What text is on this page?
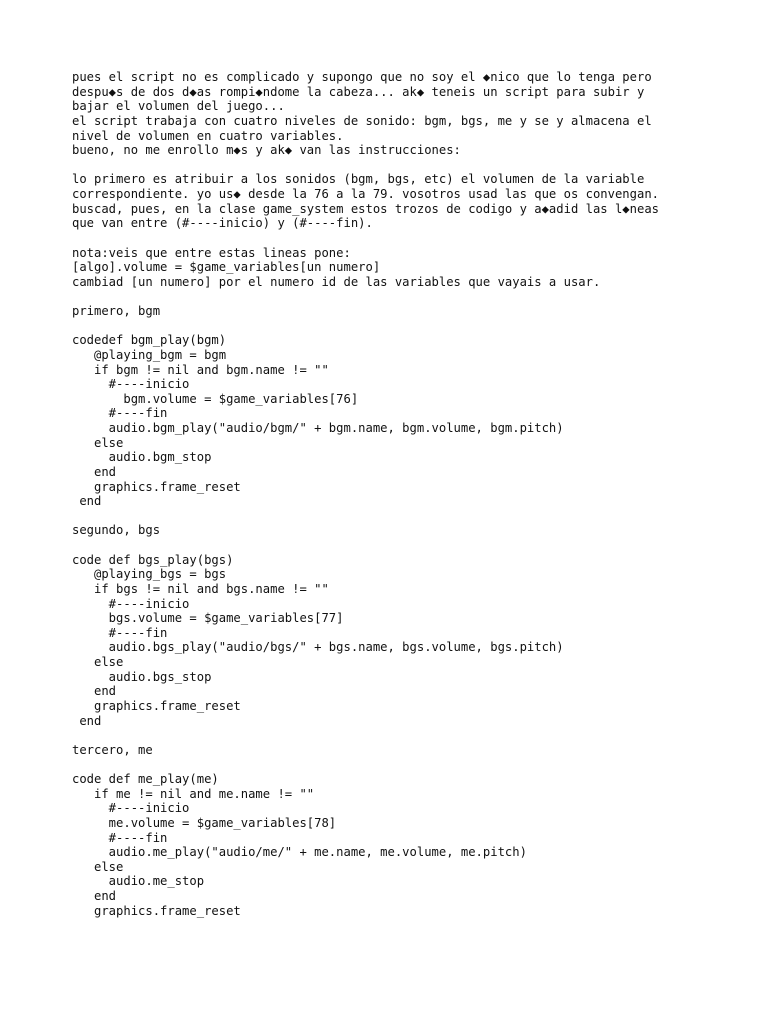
pues el script no es complicado y supongo que no soy el ◆nico que lo tenga pero
despu◆s de dos d◆as rompi◆ndome la cabeza... ak◆ teneis un script para subir y
bajar el volumen del juego...
el script trabaja con cuatro niveles de sonido: bgm, bgs, me y se y almacena el
nivel de volumen en cuatro variables.
bueno, no me enrollo m◆s y ak◆ van las instrucciones:
lo primero es atribuir a los sonidos (bgm, bgs, etc) el volumen de la variable
correspondiente. yo us◆ desde la 76 a la 79. vosotros usad las que os convengan.
buscad, pues, en la clase game_system estos trozos de codigo y a◆adid las l◆neas
que van entre (#----inicio) y (#----fin).
nota:veis que entre estas lineas pone:
[algo].volume = $game_variables[un numero]
cambiad [un numero] por el numero id de las variables que vayais a usar.
primero, bgm
codedef bgm_play(bgm)
@playing_bgm = bgm
if bgm != nil and bgm.name != ""
#----inicio
bgm.volume = $game_variables[76]
#----fin
audio.bgm_play("audio/bgm/" + bgm.name, bgm.volume, bgm.pitch)
else
audio.bgm_stop
end
graphics.frame_reset
end
segundo, bgs
code def bgs_play(bgs)
@playing_bgs = bgs
if bgs != nil and bgs.name != ""
#----inicio
bgs.volume = $game_variables[77]
#----fin
audio.bgs_play("audio/bgs/" + bgs.name, bgs.volume, bgs.pitch)
else
audio.bgs_stop
end
graphics.frame_reset
end
tercero, me
code def me_play(me)
if me != nil and me.name != ""
#----inicio
me.volume = $game_variables[78]
#----fin
audio.me_play("audio/me/" + me.name, me.volume, me.pitch)
else
audio.me_stop
end
graphics.frame_reset
